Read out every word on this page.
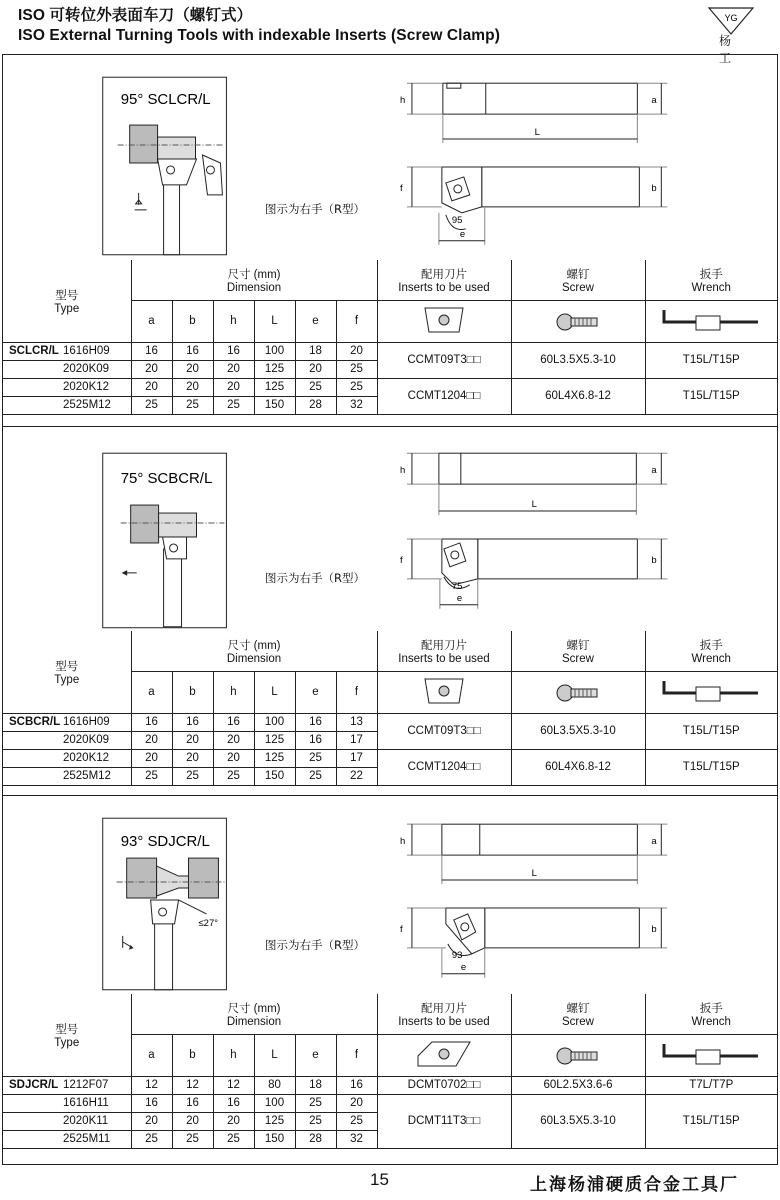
ISO 可转位外表面车刀（螺钉式）
ISO External Turning Tools with indexable Inserts (Screw Clamp)
YG
杨 工
95° SCLCR/L	h	a
L
f	b
95
e
图示为右手（R型）
型号
Type	尺寸 (mm)
Dimension						配用刀片
Inserts to be used	螺钉
Screw	扳手
Wrench
	a	b	h	L	e	f			
SCLCR/L 1616H09	16	16	16	100	18	20	CCMT09T3□□	60L3.5X5.3-10	T15L/T15P
2020K09	20	20	20	125	20	25			
2020K12	20	20	20	125	25	25	CCMT1204□□	60L4X6.8-12	T15L/T15P
2525M12	25	25	25	150	28	32			
75° SCBCR/L	h	a
L
f	b
75
e
图示为右手（R型）
型号
Type	尺寸 (mm)
Dimension						配用刀片
Inserts to be used	螺钉
Screw	扳手
Wrench
	a	b	h	L	e	f			
SCBCR/L 1616H09	16	16	16	100	16	13	CCMT09T3□□	60L3.5X5.3-10	T15L/T15P
2020K09	20	20	20	125	16	17			
2020K12	20	20	20	125	25	17	CCMT1204□□	60L4X6.8-12	T15L/T15P
2525M12	25	25	25	150	25	22			
93° SDJCR/L
≤27°
h	a
L
f	b
93
e
图示为右手（R型）
型号
Type	尺寸 (mm)
Dimension						配用刀片
Inserts to be used	螺钉
Screw	扳手
Wrench
	a	b	h	L	e	f			
SDJCR/L 1212F07	12	12	12	80	18	16	DCMT0702□□	60L2.5X3.6-6	T7L/T7P
1616H11	16	16	16	100	25	20	DCMT11T3□□	60L3.5X5.3-10	T15L/T15P
2020K11	20	20	20	125	25	25			
2525M11	25	25	25	150	28	32			
15	上海杨浦硬质合金工具厂
